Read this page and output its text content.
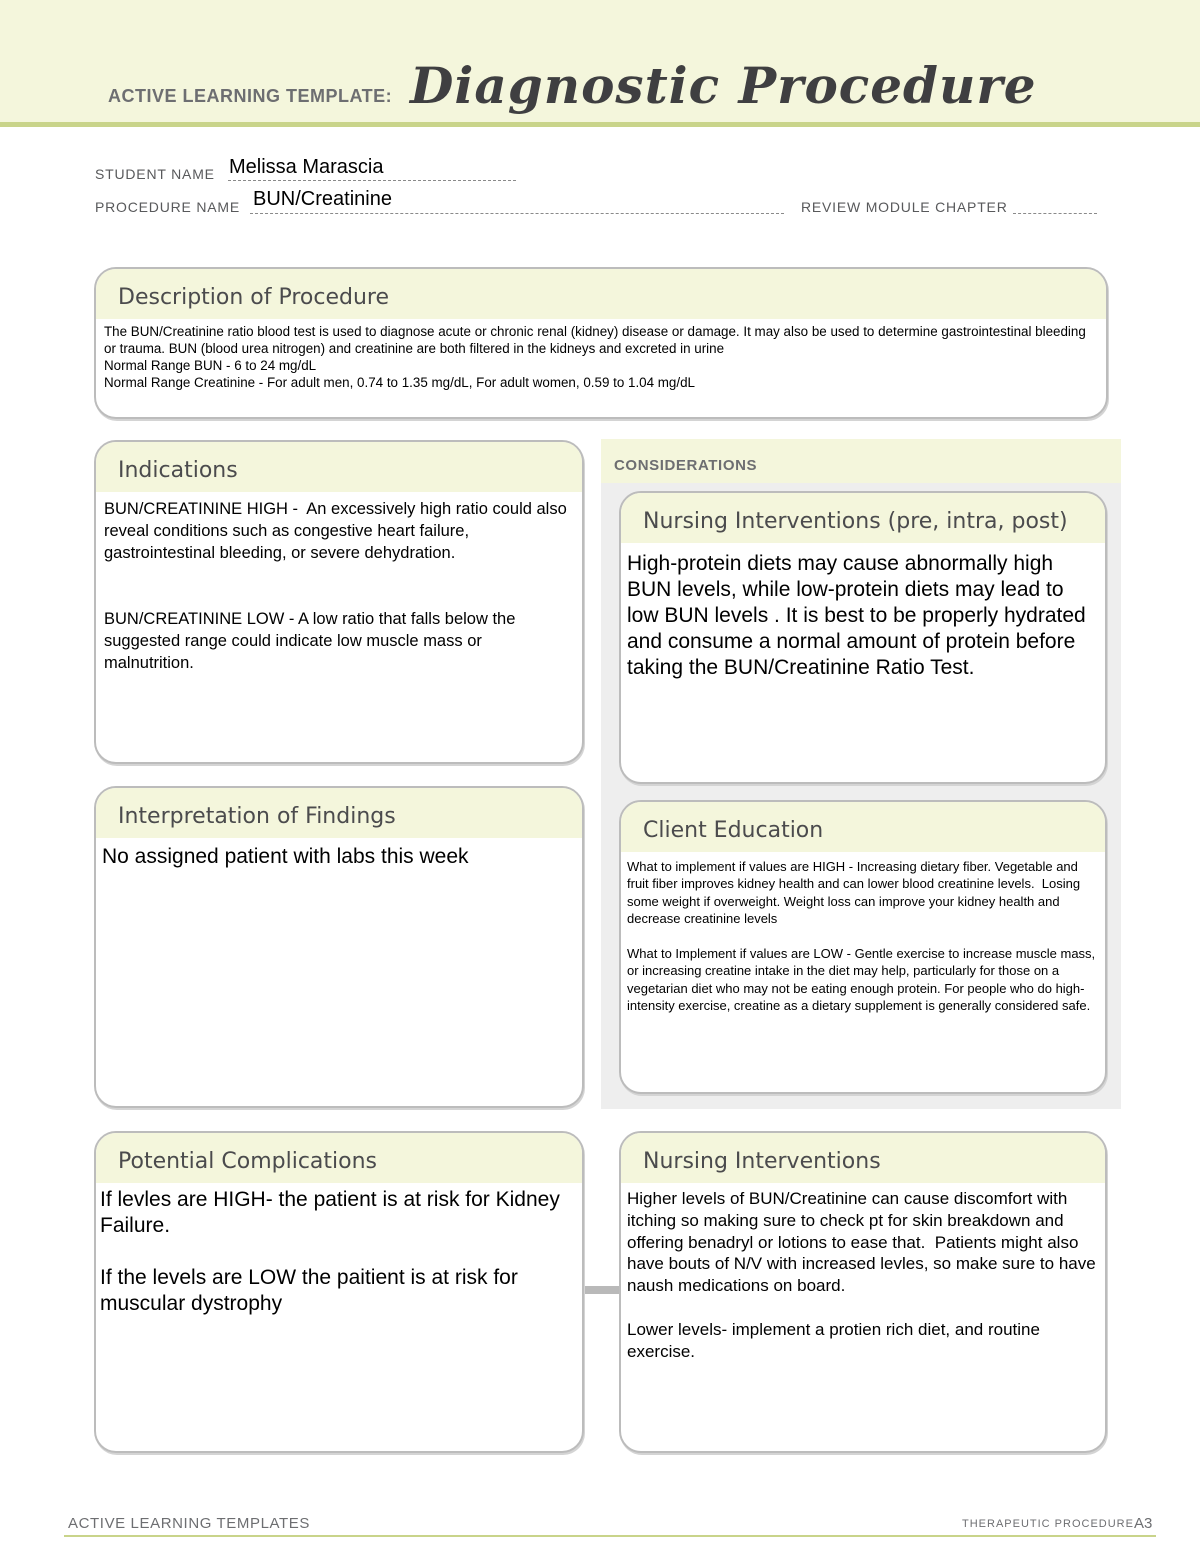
ACTIVE LEARNING TEMPLATE: Diagnostic Procedure
STUDENT NAME Melissa Marascia
PROCEDURE NAME BUN/Creatinine	REVIEW MODULE CHAPTER
Description of Procedure
The BUN/Creatinine ratio blood test is used to diagnose acute or chronic renal (kidney) disease or damage. It may also be used to determine gastrointestinal bleeding or trauma. BUN (blood urea nitrogen) and creatinine are both filtered in the kidneys and excreted in urine
Normal Range BUN - 6 to 24 mg/dL
Normal Range Creatinine - For adult men, 0.74 to 1.35 mg/dL, For adult women, 0.59 to 1.04 mg/dL
CONSIDERATIONS
Indications
BUN/CREATININE HIGH -  An excessively high ratio could also reveal conditions such as congestive heart failure, gastrointestinal bleeding, or severe dehydration.

BUN/CREATININE LOW - A low ratio that falls below the suggested range could indicate low muscle mass or malnutrition.
Nursing Interventions (pre, intra, post)
High-protein diets may cause abnormally high BUN levels, while low-protein diets may lead to low BUN levels . It is best to be properly hydrated and consume a normal amount of protein before taking the BUN/Creatinine Ratio Test.
Interpretation of Findings
No assigned patient with labs this week
Client Education
What to implement if values are HIGH - Increasing dietary fiber. Vegetable and fruit fiber improves kidney health and can lower blood creatinine levels.  Losing some weight if overweight. Weight loss can improve your kidney health and decrease creatinine levels

What to Implement if values are LOW - Gentle exercise to increase muscle mass, or increasing creatine intake in the diet may help, particularly for those on a vegetarian diet who may not be eating enough protein. For people who do high-intensity exercise, creatine as a dietary supplement is generally considered safe.
Potential Complications
If levles are HIGH- the patient is at risk for Kidney Failure.

If the levels are LOW the paitient is at risk for muscular dystrophy
Nursing Interventions
Higher levels of BUN/Creatinine can cause discomfort with itching so making sure to check pt for skin breakdown and offering benadryl or lotions to ease that.  Patients might also have bouts of N/V with increased levles, so make sure to have naush medications on board.

Lower levels- implement a protien rich diet, and routine exercise.
ACTIVE LEARNING TEMPLATES	THERAPEUTIC PROCEDURE A3
